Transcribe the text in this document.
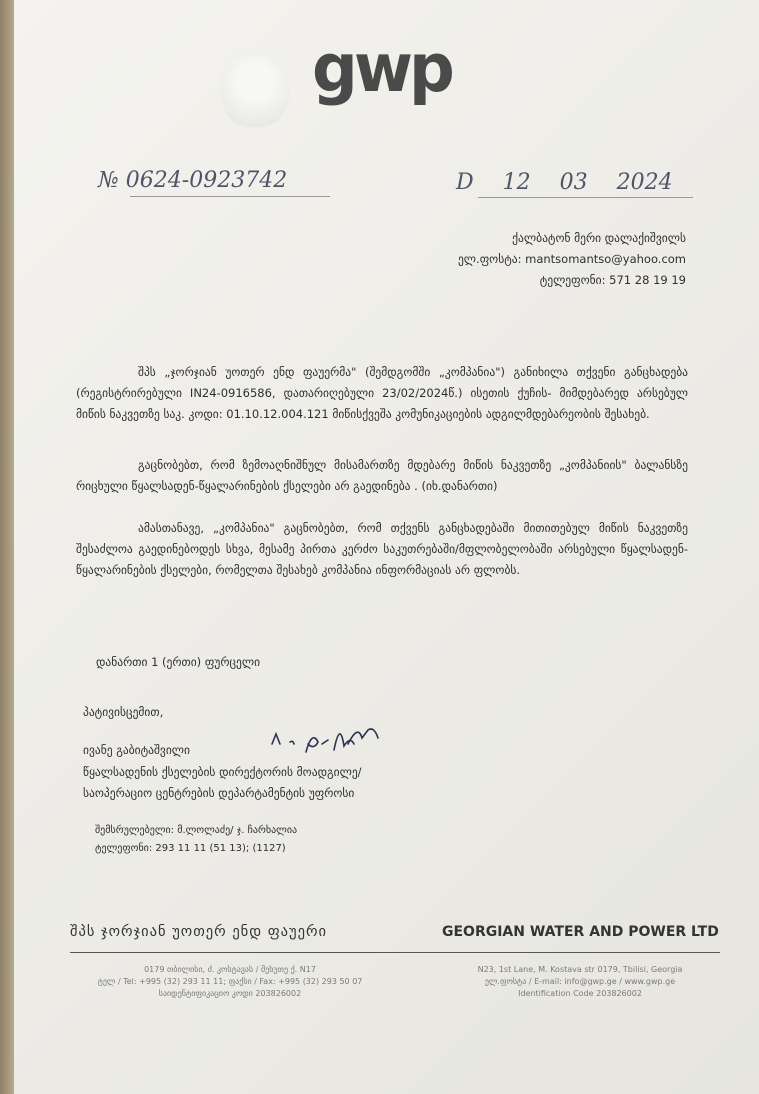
gwp
№ 0624-0923742	D 12 03 2024
ქალბატონ მერი დალაქიშვილს
ელ.ფოსტა: mantsomantso@yahoo.com
ტელეფონი: 571 28 19 19
შპს „ჯორჯიან უოთერ ენდ ფაუერმა" (შემდგომში „კომპანია") განიხილა თქვენი განცხადება (რეგისტრირებული IN24-0916586, დათარიღებული 23/02/2024წ.) ისეთის ქუჩის- მიმდებარედ არსებულ მიწის ნაკვეთზე საკ. კოდი: 01.10.12.004.121 მიწისქვეშა კომუნიკაციების ადგილმდებარეობის შესახებ.
გაცნობებთ, რომ ზემოაღნიშნულ მისამართზე მდებარე მიწის ნაკვეთზე „კომპანიის" ბალანსზე რიცხული წყალსადენ-წყალარინების ქსელები არ გაედინება . (იხ.დანართი)
ამასთანავე, „კომპანია" გაცნობებთ, რომ თქვენს განცხადებაში მითითებულ მიწის ნაკვეთზე შესაძლოა გაედინებოდეს სხვა, მესამე პირთა კერძო საკუთრებაში/მფლობელობაში არსებული წყალსადენ-წყალარინების ქსელები, რომელთა შესახებ კომპანია ინფორმაციას არ ფლობს.
დანართი 1 (ერთი) ფურცელი
პატივისცემით,
ივანე გაბიტაშვილი
წყალსადენის ქსელების დირექტორის მოადგილე/
საოპერაციო ცენტრების დეპარტამენტის უფროსი
შემსრულებელი: მ.ლოლაძე/ ჯ. ჩარხალია
ტელეფონი: 293 11 11 (51 13); (1127)
შპს ჯორჯიან უოთერ ენდ ფაუერი	GEORGIAN WATER AND POWER LTD
0179 თბილისი, ძ. კოსტავას / მეხუთე ქ. N17
ტელ / Tel: +995 (32) 293 11 11; ფაქსი / Fax: +995 (32) 293 50 07
საიდენტიფიკაციო კოდი 203826002
N23, 1st Lane, M. Kostava str 0179, Tbilisi, Georgia
ელ.ფოსტა / E-mail: info@gwp.ge / www.gwp.ge
Identification Code 203826002
